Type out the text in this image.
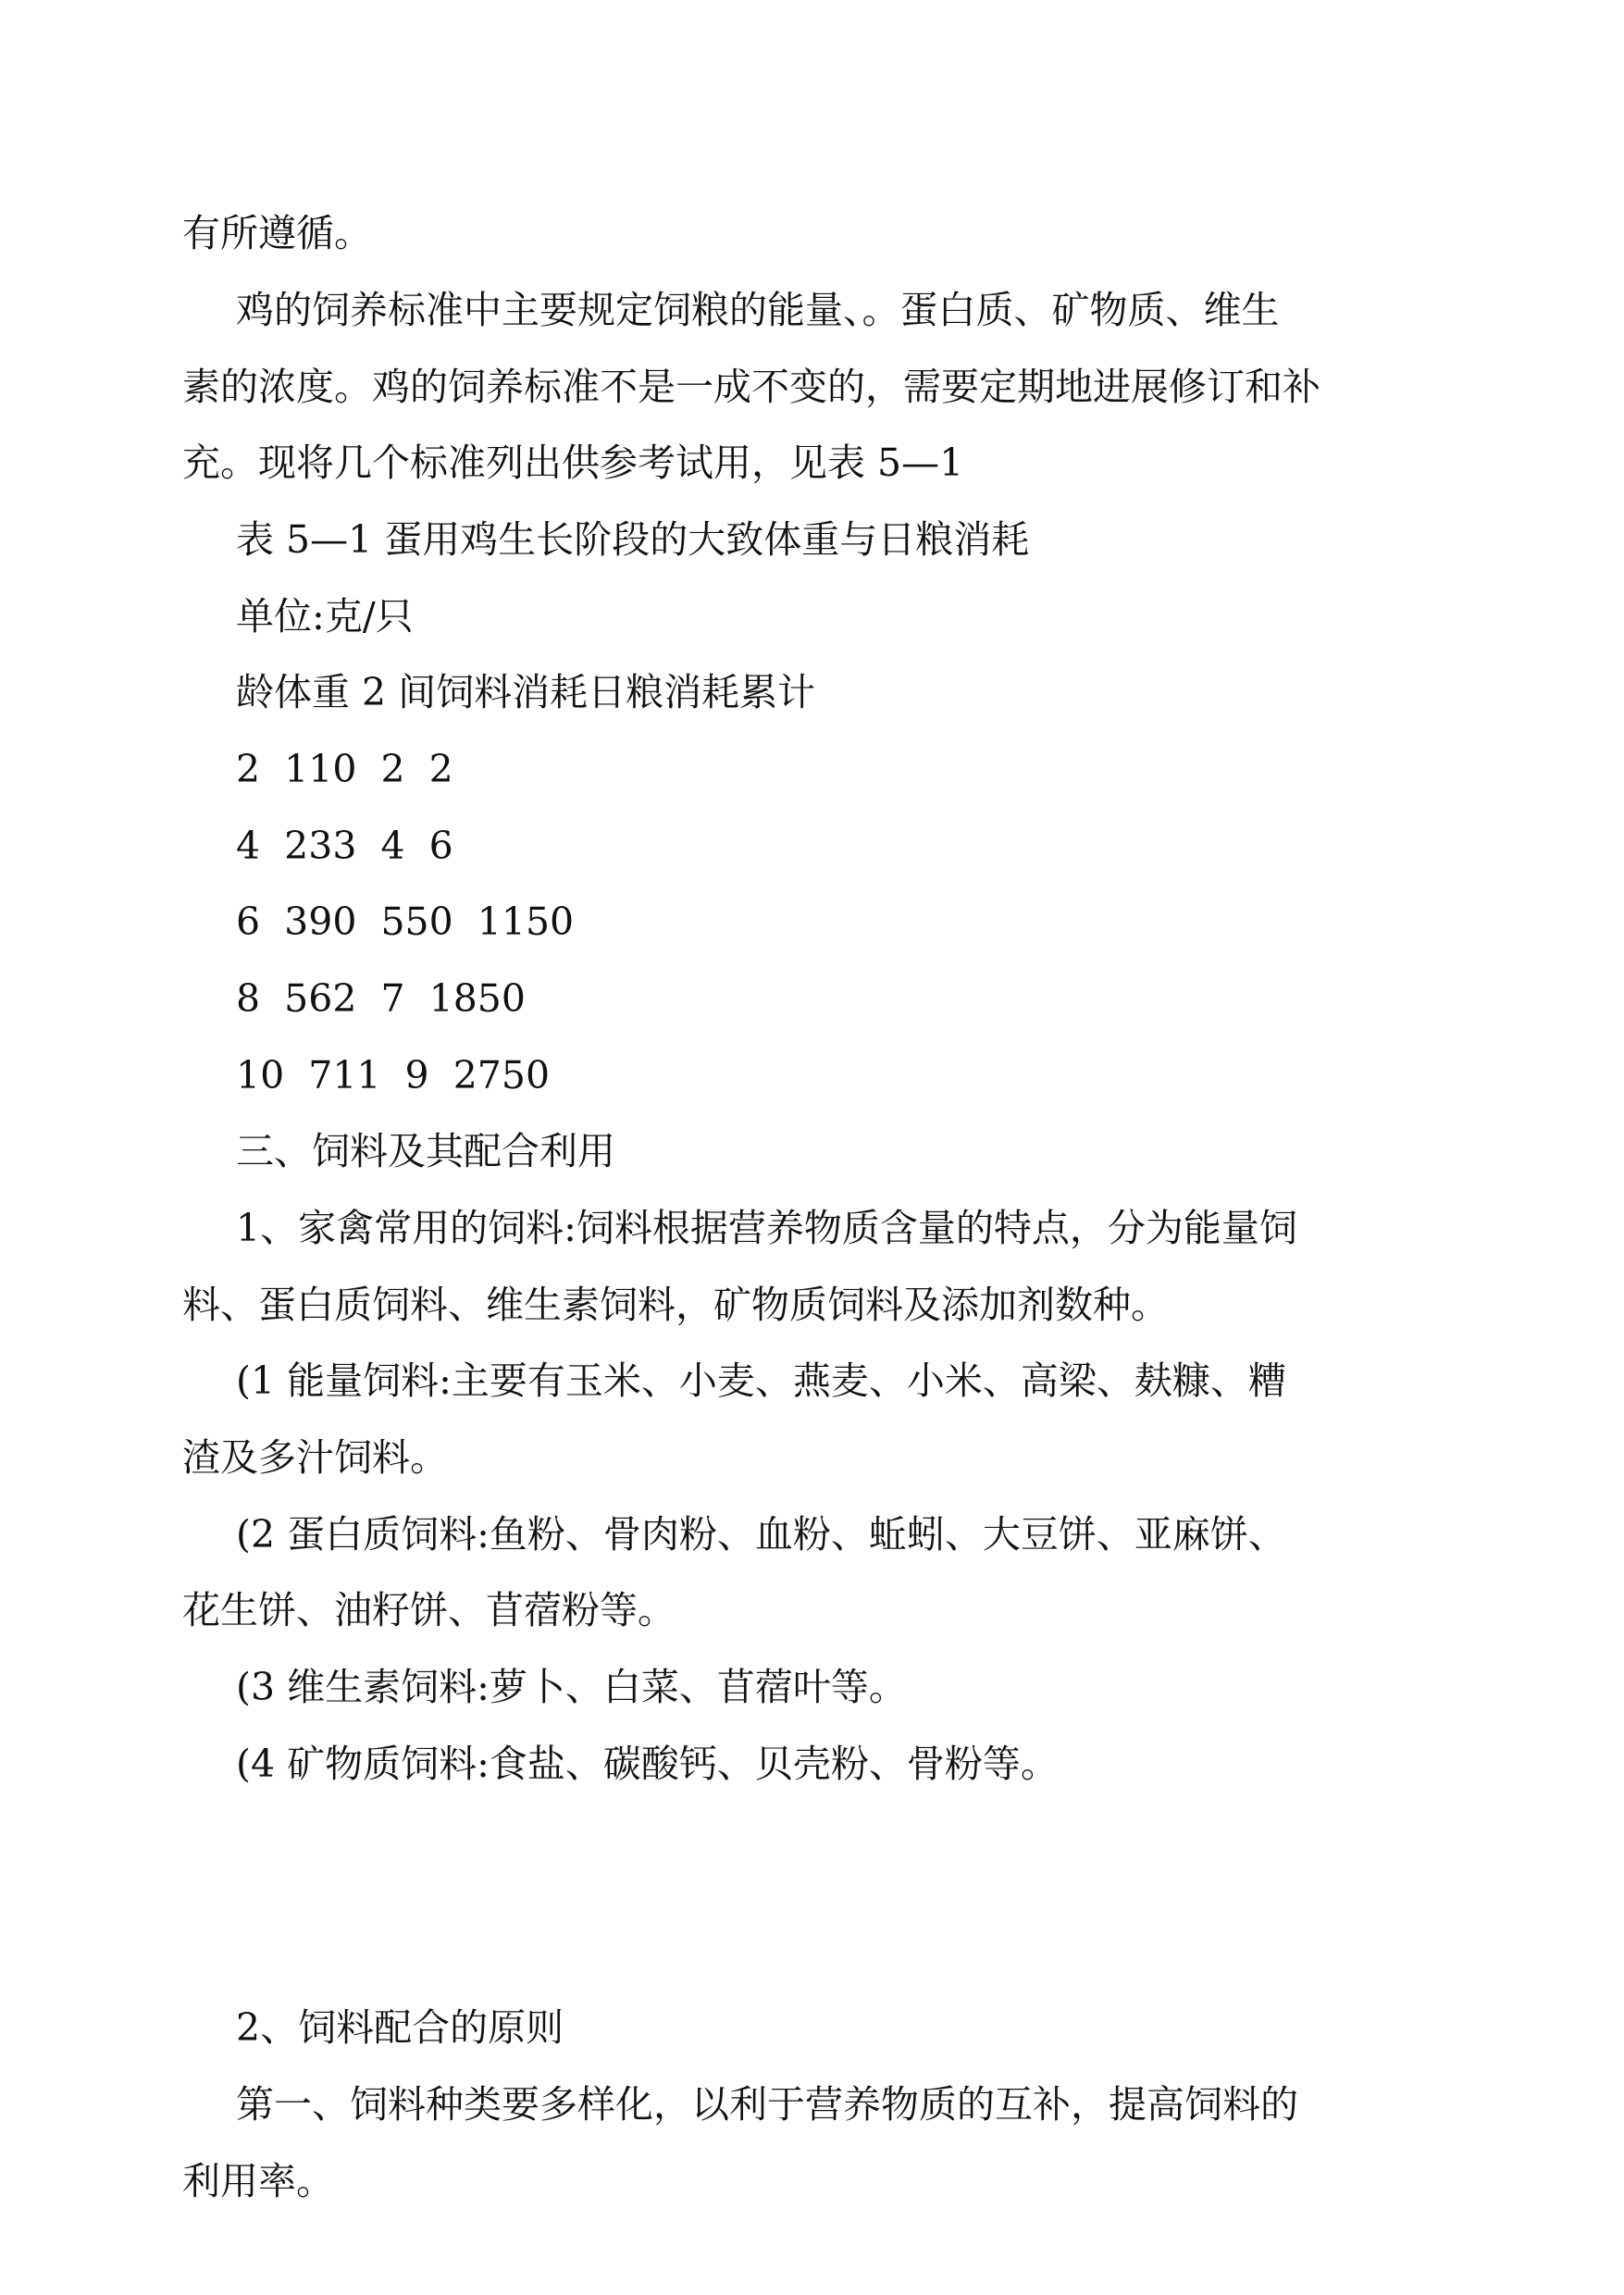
有所遵循。

鸡的饲养标准中主要规定饲粮的能量、。蛋白质、矿物质、维生

素的浓度。鸡的饲养标准不是一成不变的，需要定期地进展修订和补

充。现将几个标准列出供参考试用，见表 5—1

表 5—1 蛋用鸡生长阶段的大致体重与日粮消耗

单位:克/只

龄体重 2 间饲料消耗日粮消耗累计

2  110  2  2

4  233  4  6

6  390  550  1150

8  562  7  1850

10  711  9  2750

三、饲料及其配合利用

1、家禽常用的饲料:饲料根据营养物质含量的特点，分为能量饲

料、蛋白质饲料、维生素饲料，矿物质饲料及添加剂数种。

(1 能量饲料:主要有玉米、小麦、燕麦、小米、高梁、麸糠、糟

渣及多汁饲料。

(2 蛋白质饲料:鱼粉、骨肉粉、血粉、蚯蚓、大豆饼、亚麻饼、

花生饼、油籽饼、苜蓿粉等。

(3 维生素饲料:萝卜、白菜、苜蓿叶等。

(4 矿物质饲料:食盐、碳酸钙、贝壳粉、骨粉等。

2、饲料配合的原则

第一、饲料种类要多样化，以利于营养物质的互补，提高饲料的

利用率。
